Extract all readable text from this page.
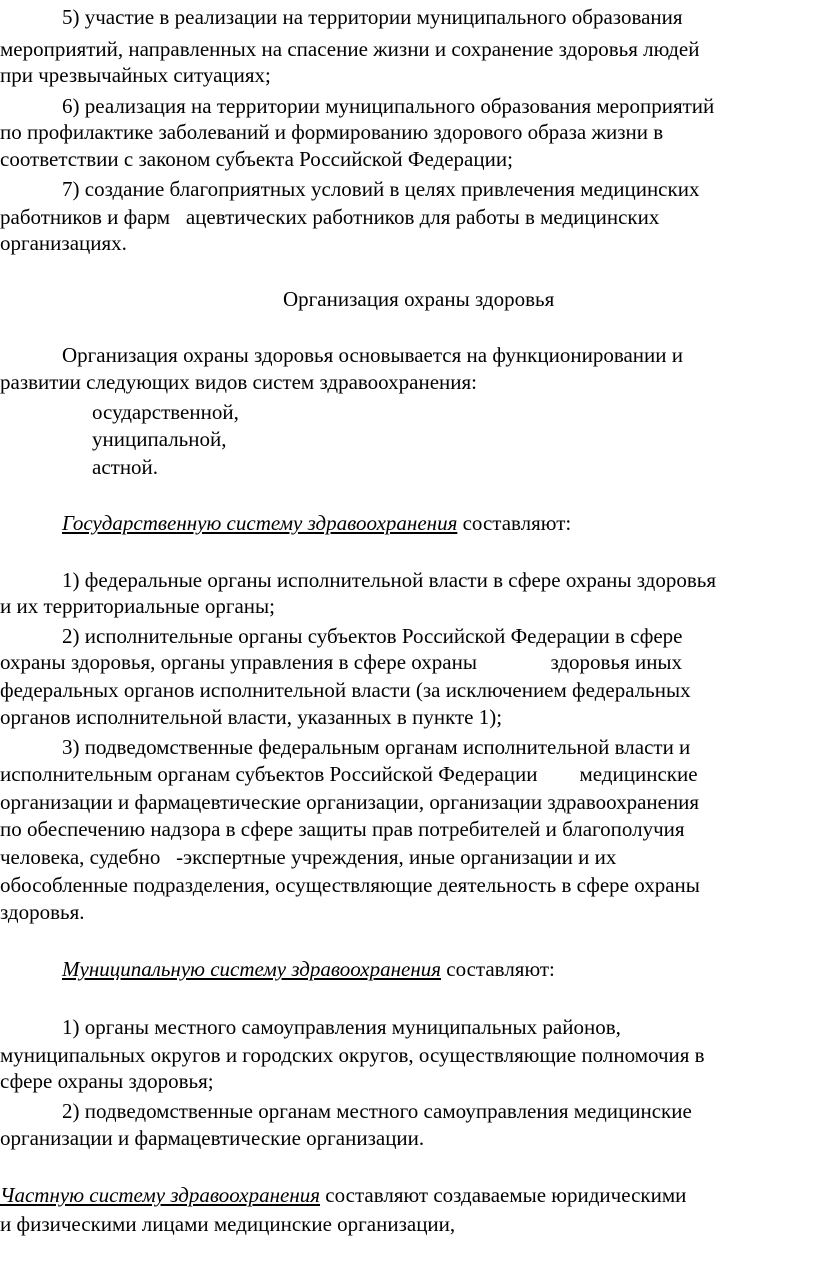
5) участие в реализации на территории муниципального образования
мероприятий, направленных на спасение жизни и сохранение здоровья людей
при чрезвычайных ситуациях;
6) реализация на территории муниципального образования мероприятий
по профилактике заболеваний и формированию здорового образа жизни в
соответствии с законом субъекта Российской Федерации;
7) создание благоприятных условий в целях привлечения медицинских
работников и фарм   ацевтических работников для работы в медицинских
организациях.
Организация охраны здоровья
Организация охраны здоровья основывается на функционировании и
развитии следующих видов систем здравоохранения:
осударственной,
униципальной,
астной.
Государственную систему здравоохранения составляют:
1) федеральные органы исполнительной власти в сфере охраны здоровья
и их территориальные органы;
2) исполнительные органы субъектов Российской Федерации в сфере
охраны здоровья, органы управления в сфере охраны              здоровья иных
федеральных органов исполнительной власти (за исключением федеральных
органов исполнительной власти, указанных в пункте 1);
3) подведомственные федеральным органам исполнительной власти и
исполнительным органам субъектов Российской Федерации        медицинские
организации и фармацевтические организации, организации здравоохранения
по обеспечению надзора в сфере защиты прав потребителей и благополучия
человека, судебно   -экспертные учреждения, иные организации и их
обособленные подразделения, осуществляющие деятельность в сфере охраны
здоровья.
Муниципальную систему здравоохранения составляют:
1) органы местного самоуправления муниципальных районов,
муниципальных округов и городских округов, осуществляющие полномочия в
сфере охраны здоровья;
2) подведомственные органам местного самоуправления медицинские
организации и фармацевтические организации.
Частную систему здравоохранения составляют создаваемые юридическими
и физическими лицами медицинские организации,
